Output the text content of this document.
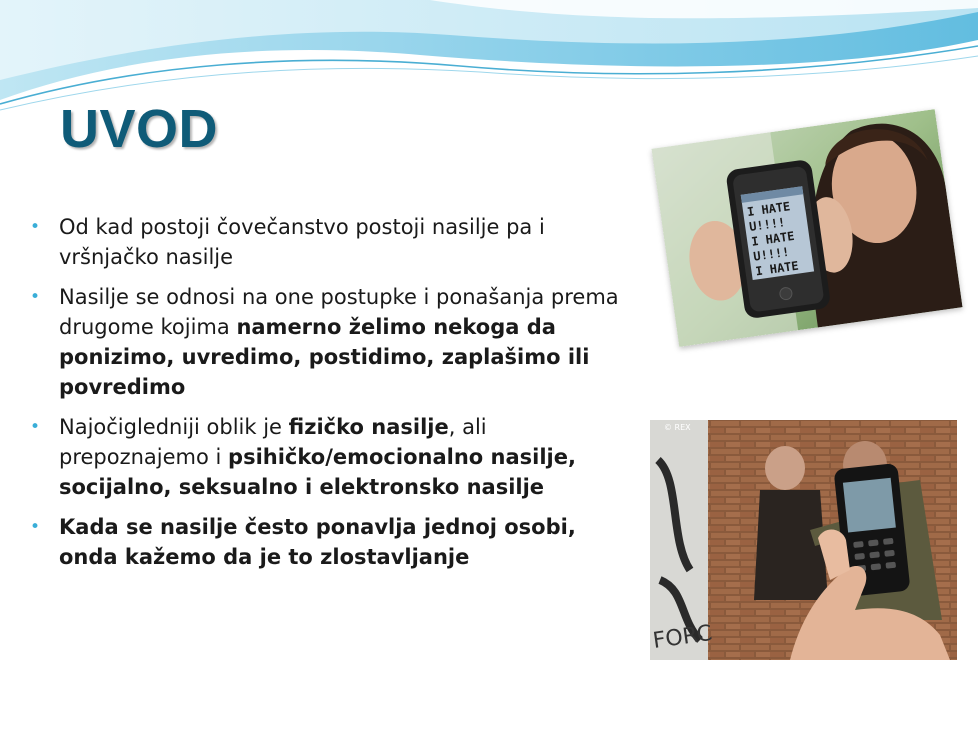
UVOD
• Od kad postoji čovečanstvo postoji nasilje pa i vršnjačko nasilje
• Nasilje se odnosi na one postupke i ponašanja prema drugome kojima namerno želimo nekoga da ponizimo, uvredimo, postidimo, zaplašimo ili povredimo
• Najočigledniji oblik je fizičko nasilje, ali prepoznajemo i psihičko/emocionalno nasilje, socijalno, seksualno i elektronsko nasilje
• Kada se nasilje često ponavlja jednoj osobi, onda kažemo da je to zlostavljanje
I HATE
U!!!!
I HATE
U!!!!
I HATE
FORC
© REX
